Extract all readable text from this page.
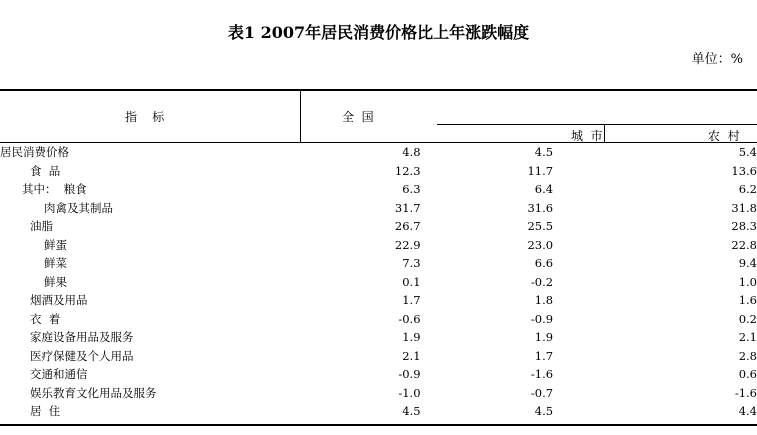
表1 2007年居民消费价格比上年涨跌幅度
单位：%
指    标	全  国
城  市	农  村
居民消费价格	4.8		4.5		5.4	
食  品	12.3		11.7		13.6	
其中：  粮食	6.3		6.4		6.2	
肉禽及其制品	31.7		31.6		31.8	
油脂	26.7		25.5		28.3	
鲜蛋	22.9		23.0		22.8	
鲜菜	7.3		6.6		9.4	
鲜果	0.1		-0.2		1.0	
烟酒及用品	1.7		1.8		1.6	
衣  着	-0.6		-0.9		0.2	
家庭设备用品及服务	1.9		1.9		2.1	
医疗保健及个人用品	2.1		1.7		2.8	
交通和通信	-0.9		-1.6		0.6	
娱乐教育文化用品及服务	-1.0		-0.7		-1.6	
居  住	4.5		4.5		4.4	
